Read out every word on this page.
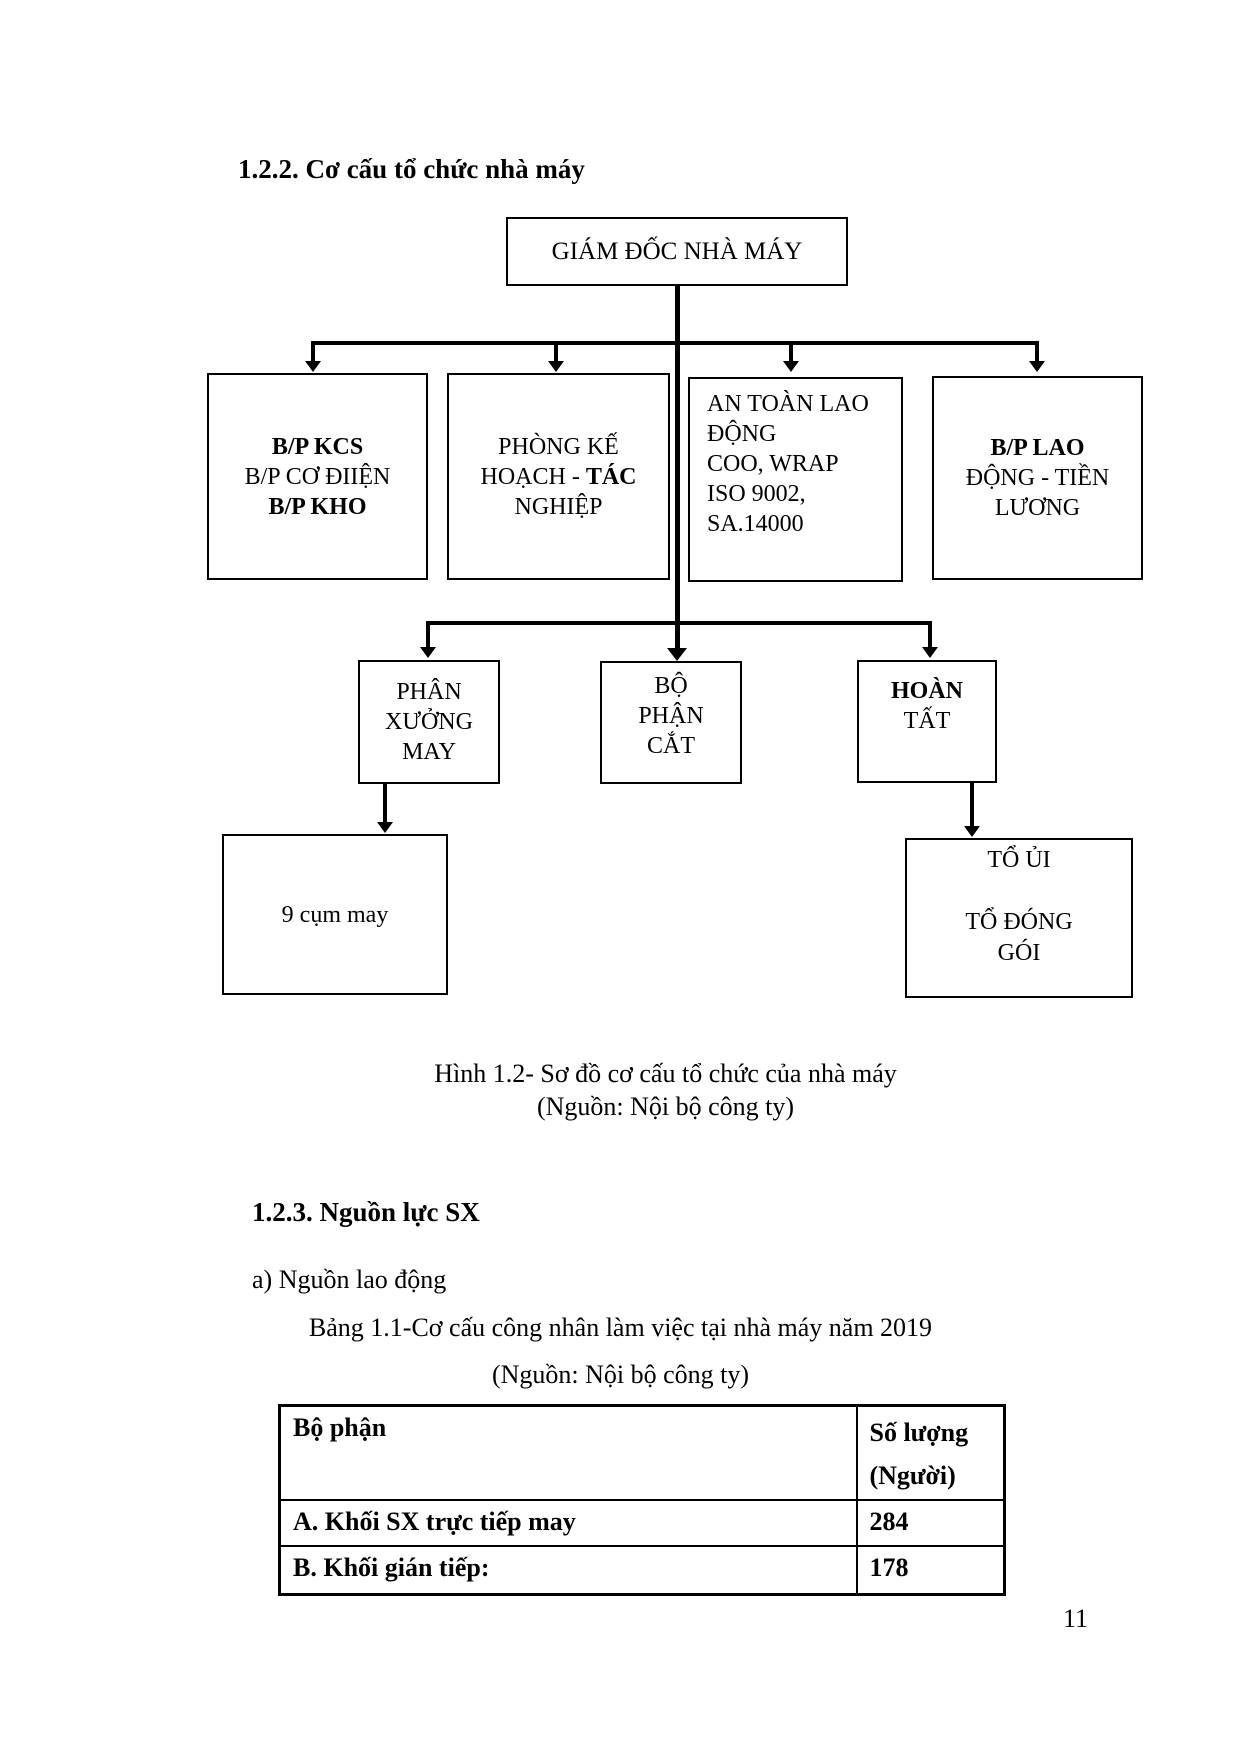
1.2.2. Cơ cấu tổ chức nhà máy
GIÁM ĐỐC NHÀ MÁY
B/P KCS
B/P CƠ ĐIIỆN
B/P KHO
PHÒNG KẾ
HOẠCH - TÁC
NGHIỆP
AN TOÀN LAO
ĐỘNG
COO, WRAP
ISO 9002,
SA.14000
B/P LAO
ĐỘNG - TIỀN
LƯƠNG
PHÂN
XƯỞNG
MAY
BỘ
PHẬN
CẮT
HOÀN
TẤT
9 cụm may
TỔ ỦI
TỔ ĐÓNG
GÓI
Hình 1.2- Sơ đồ cơ cấu tổ chức của nhà máy
(Nguồn: Nội bộ công ty)
1.2.3. Nguồn lực SX
a) Nguồn lao động
Bảng 1.1-Cơ cấu công nhân làm việc tại nhà máy năm 2019
(Nguồn: Nội bộ công ty)
Bộ phận	Số lượng
(Người)

A. Khối SX trực tiếp may	284
B. Khối gián tiếp:	178
11
